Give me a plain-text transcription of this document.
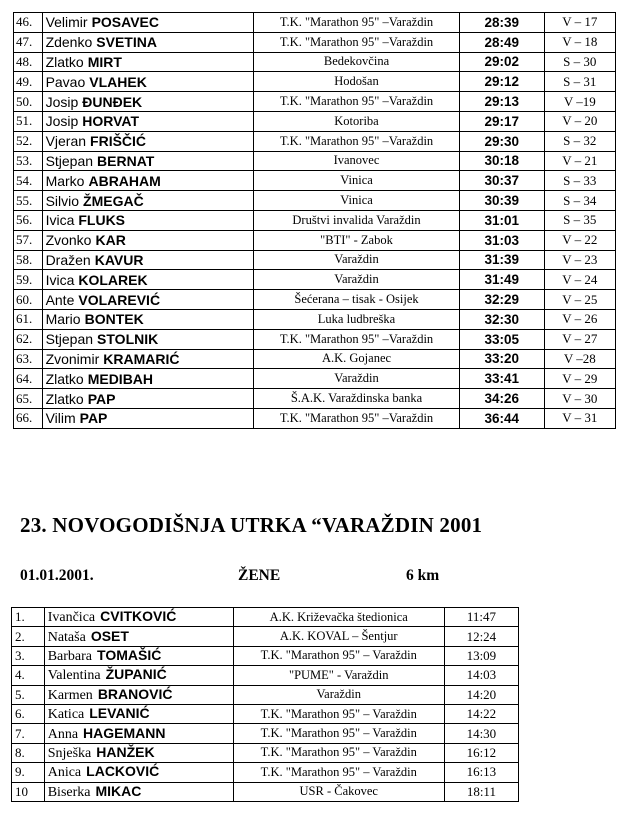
46.	Velimir POSAVEC	T.K. "Marathon 95" –Varaždin	28:39	V – 17
47.	Zdenko SVETINA	T.K. "Marathon 95" –Varaždin	28:49	V – 18
48.	Zlatko MIRT	Bedekovčina	29:02	S – 30
49.	Pavao VLAHEK	Hodošan	29:12	S – 31
50.	Josip ĐUNĐEK	T.K. "Marathon 95" –Varaždin	29:13	V –19
51.	Josip HORVAT	Kotoriba	29:17	V – 20
52.	Vjeran FRIŠČIĆ	T.K. "Marathon 95" –Varaždin	29:30	S – 32
53.	Stjepan BERNAT	Ivanovec	30:18	V – 21
54.	Marko ABRAHAM	Vinica	30:37	S – 33
55.	Silvio ŽMEGAČ	Vinica	30:39	S – 34
56.	Ivica FLUKS	Društvi invalida Varaždin	31:01	S – 35
57.	Zvonko KAR	"BTI" - Zabok	31:03	V – 22
58.	Dražen KAVUR	Varaždin	31:39	V – 23
59.	Ivica KOLAREK	Varaždin	31:49	V – 24
60.	Ante VOLAREVIĆ	Šećerana – tisak - Osijek	32:29	V – 25
61.	Mario BONTEK	Luka ludbreška	32:30	V – 26
62.	Stjepan STOLNIK	T.K. "Marathon 95" –Varaždin	33:05	V – 27
63.	Zvonimir KRAMARIĆ	A.K. Gojanec	33:20	V –28
64.	Zlatko MEDIBAH	Varaždin	33:41	V – 29
65.	Zlatko PAP	Š.A.K. Varaždinska banka	34:26	V – 30
66.	Vilim PAP	T.K. "Marathon 95" –Varaždin	36:44	V – 31
23. NOVOGODIŠNJA UTRKA “VARAŽDIN 2001
01.01.2001.	ŽENE	6 km
1.	Ivančica CVITKOVIĆ	A.K. Križevačka štedionica	11:47
2.	Nataša OSET	A.K. KOVAL – Šentjur	12:24
3.	Barbara TOMAŠIĆ	T.K. "Marathon 95" – Varaždin	13:09
4.	Valentina ŽUPANIĆ	"PUME" - Varaždin	14:03
5.	Karmen BRANOVIĆ	Varaždin	14:20
6.	Katica LEVANIĆ	T.K. "Marathon 95" – Varaždin	14:22
7.	Anna HAGEMANN	T.K. "Marathon 95" – Varaždin	14:30
8.	Snješka HANŽEK	T.K. "Marathon 95" – Varaždin	16:12
9.	Anica LACKOVIĆ	T.K. "Marathon 95" – Varaždin	16:13
10	Biserka MIKAC	USR - Čakovec	18:11
